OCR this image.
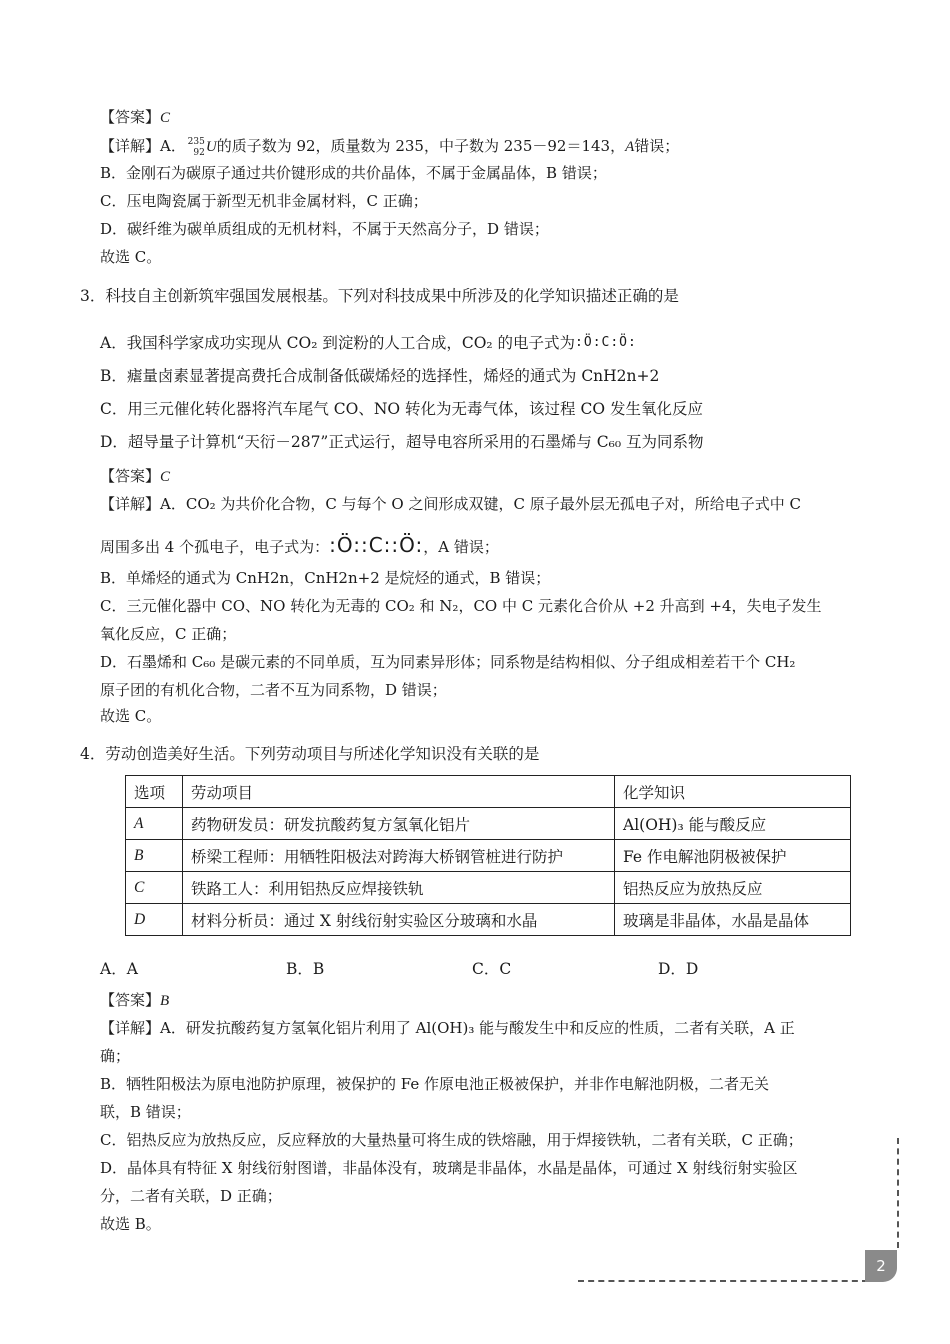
【答案】C
【详解】A． 235
92 U的质子数为 92，质量数为 235，中子数为 235－92＝143，A错误；
B．金刚石为碳原子通过共价键形成的共价晶体，不属于金属晶体，B 错误；
C．压电陶瓷属于新型无机非金属材料，C 正确；
D．碳纤维为碳单质组成的无机材料，不属于天然高分子，D 错误；
故选 C。
3．科技自主创新筑牢强国发展根基。下列对科技成果中所涉及的化学知识描述正确的是
A．我国科学家成功实现从 CO₂ 到淀粉的人工合成，CO₂ 的电子式为:Ö:C:Ö:
B．瘧量卤素显著提高费托合成制备低碳烯烃的选择性，烯烃的通式为 CnH2n+2
C．用三元催化转化器将汽车尾气 CO、NO 转化为无毒气体，该过程 CO 发生氧化反应
D．超导量子计算机“天衍－287”正式运行，超导电容所采用的石墨烯与 C₆₀ 互为同系物
【答案】C
【详解】A．CO₂ 为共价化合物，C 与每个 O 之间形成双键，C 原子最外层无孤电子对，所给电子式中 C
周围多出 4 个孤电子，电子式为：:Ö::C::Ö:，A 错误；
B．单烯烃的通式为 CnH2n，CnH2n+2 是烷烃的通式，B 错误；
C．三元催化器中 CO、NO 转化为无毒的 CO₂ 和 N₂，CO 中 C 元素化合价从 +2 升高到 +4，失电子发生
氧化反应，C 正确；
D．石墨烯和 C₆₀ 是碳元素的不同单质，互为同素异形体；同系物是结构相似、分子组成相差若干个 CH₂
原子团的有机化合物，二者不互为同系物，D 错误；
故选 C。
4．劳动创造美好生活。下列劳动项目与所述化学知识没有关联的是
选项	劳动项目	化学知识
A	药物研发员：研发抗酸药复方氢氧化铝片	Al(OH)₃ 能与酸反应
B	桥梁工程师：用牺牲阳极法对跨海大桥钢管桩进行防护	Fe 作电解池阴极被保护
C	铁路工人：利用铝热反应焊接铁轨	铝热反应为放热反应
D	材料分析员：通过 X 射线衍射实验区分玻璃和水晶	玻璃是非晶体，水晶是晶体
A．A	B．B	C．C	D．D
【答案】B
【详解】A．研发抗酸药复方氢氧化铝片利用了 Al(OH)₃ 能与酸发生中和反应的性质，二者有关联，A 正
确；
B．牺牲阳极法为原电池防护原理，被保护的 Fe 作原电池正极被保护，并非作电解池阴极，二者无关
联，B 错误；
C．铝热反应为放热反应，反应释放的大量热量可将生成的铁熔融，用于焊接铁轨，二者有关联，C 正确；
D．晶体具有特征 X 射线衍射图谱，非晶体没有，玻璃是非晶体，水晶是晶体，可通过 X 射线衍射实验区
分，二者有关联，D 正确；
故选 B。
2
